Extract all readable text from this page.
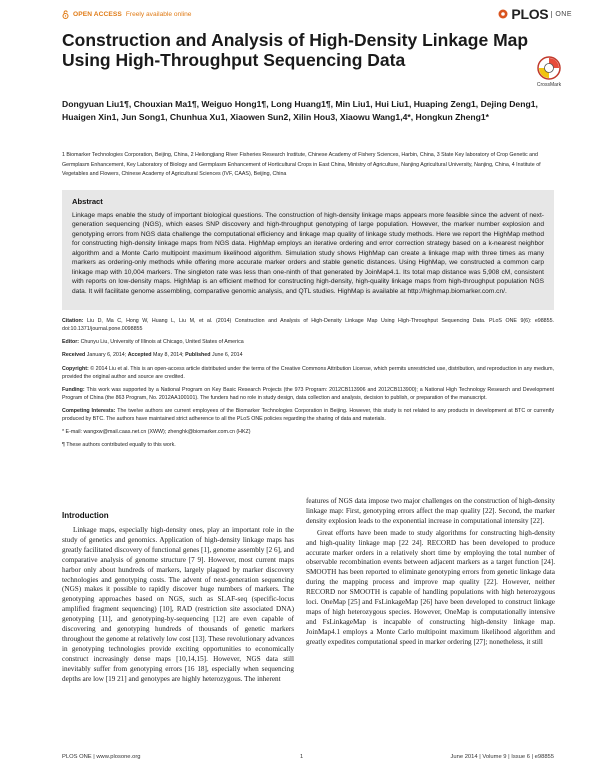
OPEN ACCESS Freely available online	PLOS	ONE
Construction and Analysis of High-Density Linkage Map Using High-Throughput Sequencing Data
CrossMark
Dongyuan Liu1¶, Chouxian Ma1¶, Weiguo Hong1¶, Long Huang1¶, Min Liu1, Hui Liu1, Huaping Zeng1, Dejing Deng1, Huaigen Xin1, Jun Song1, Chunhua Xu1, Xiaowen Sun2, Xilin Hou3, Xiaowu Wang1,4*, Hongkun Zheng1*
1 Biomarker Technologies Corporation, Beijing, China, 2 Heilongjiang River Fisheries Research Institute, Chinese Academy of Fishery Sciences, Harbin, China, 3 State Key laboratory of Crop Genetic and Germplasm Enhancement, Key Laboratory of Biology and Germplasm Enhancement of Horticultural Crops in East China, Ministry of Agriculture, Nanjing Agricultural University, Nanjing, China, 4 Institute of Vegetables and Flowers, Chinese Academy of Agricultural Sciences (IVF, CAAS), Beijing, China
Abstract

Linkage maps enable the study of important biological questions. The construction of high-density linkage maps appears more feasible since the advent of next-generation sequencing (NGS), which eases SNP discovery and high-throughput genotyping of large population. However, the marker number explosion and genotyping errors from NGS data challenge the computational efficiency and linkage map quality of linkage study methods. Here we report the HighMap method for constructing high-density linkage maps from NGS data. HighMap employs an iterative ordering and error correction strategy based on a k-nearest neighbor algorithm and a Monte Carlo multipoint maximum likelihood algorithm. Simulation study shows HighMap can create a linkage map with three times as many markers as ordering-only methods while offering more accurate marker orders and stable genetic distances. Using HighMap, we constructed a common carp linkage map with 10,004 markers. The singleton rate was less than one-ninth of that generated by JoinMap4.1. Its total map distance was 5,908 cM, consistent with reports on low-density maps. HighMap is an efficient method for constructing high-density, high-quality linkage maps from high-throughput population NGS data. It will facilitate genome assembling, comparative genomic analysis, and QTL studies. HighMap is available at http://highmap.biomarker.com.cn/.

Citation: Liu D, Ma C, Hong W, Huang L, Liu M, et al. (2014) Construction and Analysis of High-Density Linkage Map Using High-Throughput Sequencing Data. PLoS ONE 9(6): e98855. doi:10.1371/journal.pone.0098855
Editor: Chunyu Liu, University of Illinois at Chicago, United States of America
Received January 6, 2014; Accepted May 8, 2014; Published June 6, 2014
Copyright: © 2014 Liu et al. This is an open-access article distributed under the terms of the Creative Commons Attribution License, which permits unrestricted use, distribution, and reproduction in any medium, provided the original author and source are credited.
Funding: This work was supported by a National Program on Key Basic Research Projects (the 973 Program: 2012CB113906 and 2012CB113900); a National High Technology Research and Development Program of China (the 863 Program, No. 2012AA100101). The funders had no role in study design, data collection and analysis, decision to publish, or preparation of the manuscript.
Competing Interests: The twelve authors are current employees of the Biomarker Technologies Corporation in Beijing. However, this study is not related to any products in development at BTC or currently produced by BTC. The authors have maintained strict adherence to all the PLoS ONE policies regarding the sharing of data and materials.
* E-mail: wangxw@mail.caas.net.cn (XWW); zhenghk@biomarker.com.cn (HKZ)
¶ These authors contributed equally to this work.
Introduction

Linkage maps, especially high-density ones, play an important role in the study of genetics and genomics. Application of high-density linkage maps has greatly facilitated discovery of functional genes [1], genome assembly [2 6], and comparative analysis of genome structure [7 9]. However, most current maps harbor only about hundreds of markers, largely plagued by marker discovery technologies and genotyping costs. The advent of next-generation sequencing (NGS) makes it possible to rapidly discover huge numbers of markers. The genotyping approaches based on NGS, such as SLAF-seq (specific-locus amplified fragment sequencing) [10], RAD (restriction site associated DNA) genotyping [11], and genotyping-by-sequencing [12] are even capable of discovering and genotyping hundreds of thousands of genetic markers throughout the genome at relatively low cost [13]. These revolutionary advances in genotyping technologies provide exciting opportunities to economically construct increasingly dense maps [10,14,15]. However, NGS data still inevitably suffer from genotyping errors [16 18], especially when sequencing depths are low [19 21] and genotypes are highly heterozygous. The inherent

features of NGS data impose two major challenges on the construction of high-density linkage map: First, genotyping errors affect the map quality [22]. Second, the marker density explosion leads to the exponential increase in computational intensity [22].

Great efforts have been made to study algorithms for constructing high-density and high-quality linkage map [22 24]. RECORD has been developed to produce accurate marker orders in a relatively short time by employing the total number of observable recombination events between adjacent markers as a target function [24]. SMOOTH has been reported to eliminate genotyping errors from genetic linkage data during the mapping process and improve map quality [22]. However, neither RECORD nor SMOOTH is capable of handling populations with high heterozygous loci. OneMap [25] and FsLinkageMap [26] have been developed to construct linkage maps of high heterozygous species. However, OneMap is computationally intensive and FsLinkageMap is incapable of constructing high-density linkage map. JoinMap4.1 employs a Monte Carlo multipoint maximum likelihood algorithm and greatly expedites computational speed in marker ordering [27]; nonetheless, it still

PLOS ONE | www.plosone.org	1	June 2014 | Volume 9 | Issue 6 | e98855
